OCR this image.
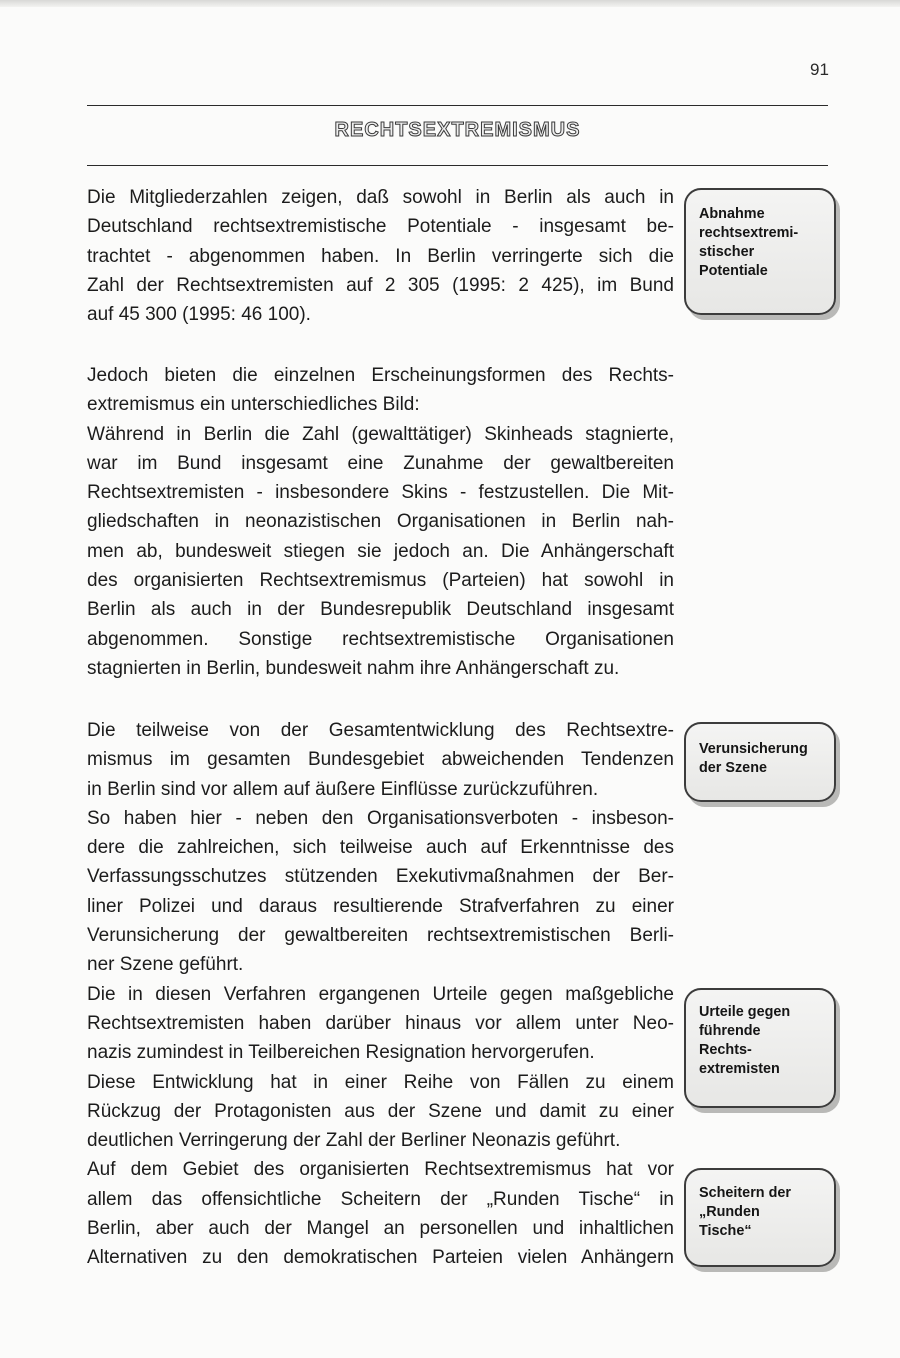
91
RECHTSEXTREMISMUS
Die Mitgliederzahlen zeigen, daß sowohl in Berlin als auch in
Deutschland rechtsextremistische Potentiale - insgesamt be-
trachtet - abgenommen haben. In Berlin verringerte sich die
Zahl der Rechtsextremisten auf 2 305 (1995: 2 425), im Bund
auf 45 300 (1995: 46 100).
Jedoch bieten die einzelnen Erscheinungsformen des Rechts-
extremismus ein unterschiedliches Bild:
Während in Berlin die Zahl (gewalttätiger) Skinheads stagnierte,
war im Bund insgesamt eine Zunahme der gewaltbereiten
Rechtsextremisten - insbesondere Skins - festzustellen. Die Mit-
gliedschaften in neonazistischen Organisationen in Berlin nah-
men ab, bundesweit stiegen sie jedoch an. Die Anhängerschaft
des organisierten Rechtsextremismus (Parteien) hat sowohl in
Berlin als auch in der Bundesrepublik Deutschland insgesamt
abgenommen. Sonstige rechtsextremistische Organisationen
stagnierten in Berlin, bundesweit nahm ihre Anhängerschaft zu.
Die teilweise von der Gesamtentwicklung des Rechtsextre-
mismus im gesamten Bundesgebiet abweichenden Tendenzen
in Berlin sind vor allem auf äußere Einflüsse zurückzuführen.
So haben hier - neben den Organisationsverboten - insbeson-
dere die zahlreichen, sich teilweise auch auf Erkenntnisse des
Verfassungsschutzes stützenden Exekutivmaßnahmen der Ber-
liner Polizei und daraus resultierende Strafverfahren zu einer
Verunsicherung der gewaltbereiten rechtsextremistischen Berli-
ner Szene geführt.
Die in diesen Verfahren ergangenen Urteile gegen maßgebliche
Rechtsextremisten haben darüber hinaus vor allem unter Neo-
nazis zumindest in Teilbereichen Resignation hervorgerufen.
Diese Entwicklung hat in einer Reihe von Fällen zu einem
Rückzug der Protagonisten aus der Szene und damit zu einer
deutlichen Verringerung der Zahl der Berliner Neonazis geführt.
Auf dem Gebiet des organisierten Rechtsextremismus hat vor
allem das offensichtliche Scheitern der „Runden Tische“ in
Berlin, aber auch der Mangel an personellen und inhaltlichen
Alternativen zu den demokratischen Parteien vielen Anhängern
Abnahme
rechtsextremi-
stischer
Potentiale
Verunsicherung
der Szene
Urteile gegen
führende
Rechts-
extremisten
Scheitern der
„Runden
Tische“
